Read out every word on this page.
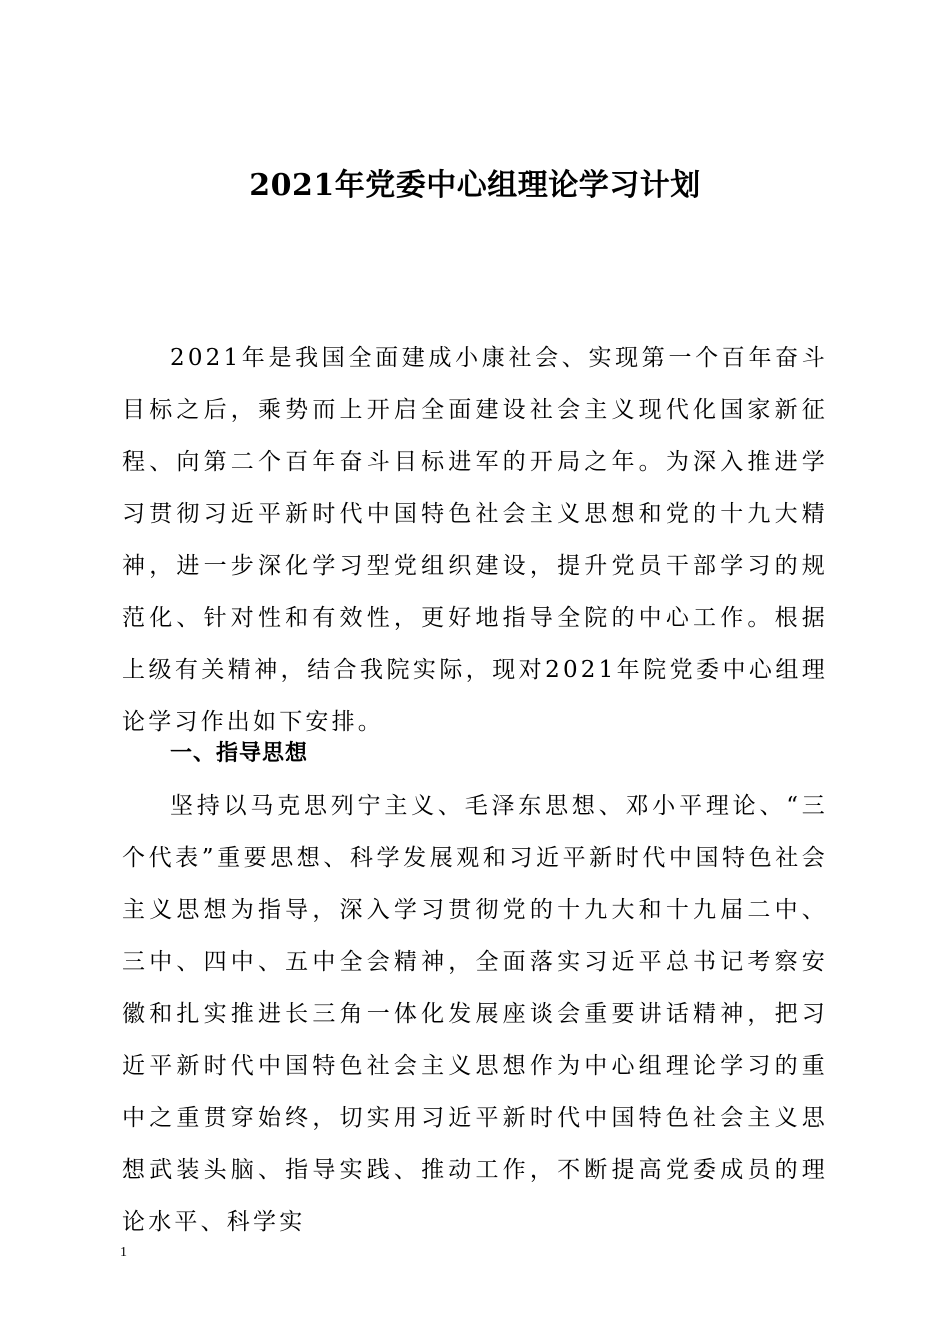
2021年党委中心组理论学习计划

2021年是我国全面建成小康社会、实现第一个百年奋斗目标之后，乘势而上开启全面建设社会主义现代化国家新征程、向第二个百年奋斗目标进军的开局之年。为深入推进学习贯彻习近平新时代中国特色社会主义思想和党的十九大精神，进一步深化学习型党组织建设，提升党员干部学习的规范化、针对性和有效性，更好地指导全院的中心工作。根据上级有关精神，结合我院实际，现对2021年院党委中心组理论学习作出如下安排。

一、指导思想

坚持以马克思列宁主义、毛泽东思想、邓小平理论、“三个代表”重要思想、科学发展观和习近平新时代中国特色社会主义思想为指导，深入学习贯彻党的十九大和十九届二中、三中、四中、五中全会精神，全面落实习近平总书记考察安徽和扎实推进长三角一体化发展座谈会重要讲话精神，把习近平新时代中国特色社会主义思想作为中心组理论学习的重中之重贯穿始终，切实用习近平新时代中国特色社会主义思想武装头脑、指导实践、推动工作，不断提高党委成员的理论水平、科学实

1
